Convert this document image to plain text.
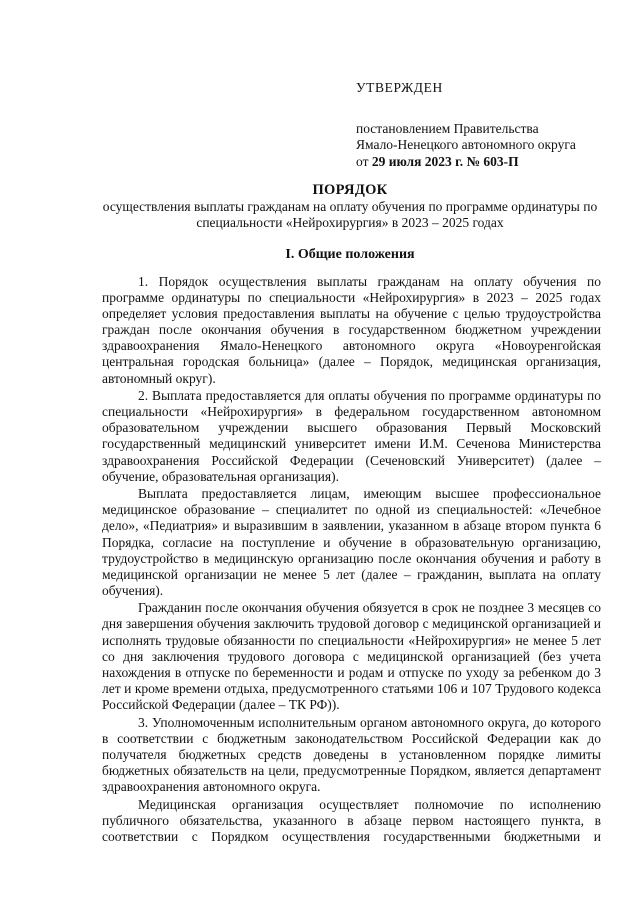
УТВЕРЖДЕН

постановлением Правительства

Ямало-Ненецкого автономного округа

от 29 июля 2023 г. № 603-П

ПОРЯДОК
осуществления выплаты гражданам на оплату обучения по программе ординатуры по специальности «Нейрохирургия» в 2023 – 2025 годах
I. Общие положения

1. Порядок осуществления выплаты гражданам на оплату обучения по программе ординатуры по специальности «Нейрохирургия» в 2023 – 2025 годах определяет условия предоставления выплаты на обучение с целью трудоустройства граждан после окончания обучения в государственном бюджетном учреждении здравоохранения Ямало-Ненецкого автономного округа «Новоуренгойская центральная городская больница» (далее – Порядок, медицинская организация, автономный округ).

2. Выплата предоставляется для оплаты обучения по программе ординатуры по специальности «Нейрохирургия» в федеральном государственном автономном образовательном учреждении высшего образования Первый Московский государственный медицинский университет имени И.М. Сеченова Министерства здравоохранения Российской Федерации (Сеченовский Университет) (далее – обучение, образовательная организация).

Выплата предоставляется лицам, имеющим высшее профессиональное медицинское образование – специалитет по одной из специальностей: «Лечебное дело», «Педиатрия» и выразившим в заявлении, указанном в абзаце втором пункта 6 Порядка, согласие на поступление и обучение в образовательную организацию, трудоустройство в медицинскую организацию после окончания обучения и работу в медицинской организации не менее 5 лет (далее – гражданин, выплата на оплату обучения).

Гражданин после окончания обучения обязуется в срок не позднее 3 месяцев со дня завершения обучения заключить трудовой договор с медицинской организацией и исполнять трудовые обязанности по специальности «Нейрохирургия» не менее 5 лет со дня заключения трудового договора с медицинской организацией (без учета нахождения в отпуске по беременности и родам и отпуске по уходу за ребенком до 3 лет и кроме времени отдыха, предусмотренного статьями 106 и 107 Трудового кодекса Российской Федерации (далее – ТК РФ)).

3. Уполномоченным исполнительным органом автономного округа, до которого в соответствии с бюджетным законодательством Российской Федерации как до получателя бюджетных средств доведены в установленном порядке лимиты бюджетных обязательств на цели, предусмотренные Порядком, является департамент здравоохранения автономного округа.

Медицинская организация осуществляет полномочие по исполнению публичного обязательства, указанного в абзаце первом настоящего пункта, в соответствии с Порядком осуществления государственными бюджетными и
